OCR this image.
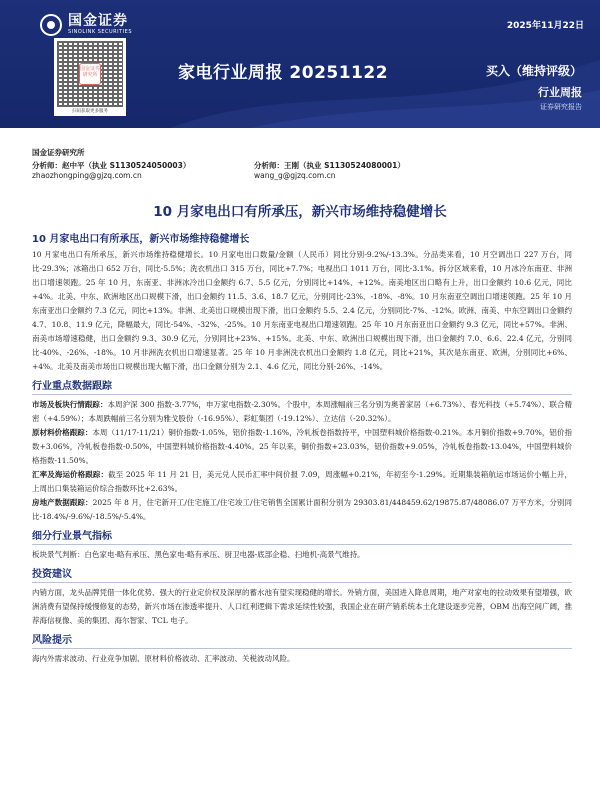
国金证券
SINOLINK SECURITIES
2025年11月22日
国金证券研究所
扫码获取更多服务
家电行业周报 20251122	买入（维持评级）
行业周报
证券研究报告
国金证券研究所
分析师：赵中平（执业 S1130524050003）	分析师：王刚（执业 S1130524080001）
zhaozhongping@gjzq.com.cn	wang_g@gjzq.com.cn
10 月家电出口有所承压，新兴市场维持稳健增长
10 月家电出口有所承压，新兴市场维持稳健增长
10 月家电出口有所承压，新兴市场维持稳健增长。10 月家电出口数量/金额（人民币）同比分别-9.2%/-13.3%。分品类来看，10 月空调出口 227 万台，同比-29.3%；冰箱出口 652 万台，同比-5.5%；洗衣机出口 315 万台，同比+7.7%；电视出口 1011 万台，同比-3.1%。拆分区域来看，10 月冰冷东南亚、非洲出口增速领跑。25 年 10 月，东南亚、非洲冰冷出口金额约 6.7、5.5 亿元，分别同比+14%、+12%。南美地区出口略有上升，出口金额约 10.6 亿元，同比+4%。北美、中东、欧洲地区出口规模下滑，出口金额约 11.5、3.6、18.7 亿元，分别同比-23%、-18%、-8%。10 月东南亚空调出口增速领跑。25 年 10 月东南亚出口金额约 7.3 亿元，同比+13%。非洲、北美出口规模出现下滑，出口金额约 5.5、2.4 亿元，分别同比-7%、-12%。欧洲、南美、中东空调出口金额约 4.7、10.8、11.9 亿元，降幅最大，同比-54%、-32%、-25%。10 月东南亚电视出口增速领跑。25 年 10 月东南亚出口金额约 9.3 亿元，同比+57%。非洲、南美市场增速稳健，出口金额约 9.3、30.9 亿元，分别同比+23%、+15%。北美、中东、欧洲出口规模出现下滑，出口金额约 7.0、6.6、22.4 亿元，分别同比-40%、-26%、-18%。10 月非洲洗衣机出口增速显著。25 年 10 月非洲洗衣机出口金额约 1.8 亿元，同比+21%，其次是东南亚、欧洲，分别同比+6%、+4%。北美及南美市场出口规模出现大幅下滑，出口金额分别为 2.1、4.6 亿元，同比分别-26%、-14%。
行业重点数据跟踪
市场及板块行情跟踪：本周沪深 300 指数-3.77%，申万家电指数-2.30%。个股中，本周涨幅前三名分别为奥普家居（+6.73%）、春光科技（+5.74%）、联合精密（+4.59%）；本周跌幅前三名分别为雅戈股份（-16.95%）、彩虹集团（-19.12%）、立达信（-20.32%）。
原材料价格跟踪：本周（11/17-11/21）铜价指数-1.05%，铝价指数-1.16%，冷轧板卷指数持平，中国塑料城价格指数-0.21%。本月铜价指数+9.70%，铝价指数+3.06%，冷轧板卷指数-0.50%，中国塑料城价格指数-4.40%。25 年以来，铜价指数+23.03%，铝价指数+9.05%，冷轧板卷指数-13.04%，中国塑料城价格指数-11.50%。
汇率及海运价格跟踪：截至 2025 年 11 月 21 日，美元兑人民币汇率中间价报 7.09，周涨幅+0.21%，年初至今-1.29%。近期集装箱航运市场运价小幅上升，上周出口集装箱运价综合指数环比+2.63%。
房地产数据跟踪：2025 年 8 月，住宅新开工/住宅施工/住宅竣工/住宅销售全国累计面积分别为 29303.81/448459.62/19875.87/48086.07 万平方米，分别同比-18.4%/-9.6%/-18.5%/-5.4%。
细分行业景气指标
板块景气判断：白色家电-略有承压、黑色家电-略有承压、厨卫电器-底部企稳、扫地机-高景气维持。
投资建议
内销方面，龙头品牌凭借一体化优势、强大的行业定价权及深厚的蓄水池有望实现稳健的增长。外销方面，美国进入降息周期，地产对家电的拉动效果有望增强，欧洲消费有望保持缓慢修复的态势，新兴市场在渗透率提升、人口红利逻辑下需求延续性较强，我国企业在研产销系统本土化建设逐步完善，OBM 出海空间广阔，推荐海信视像、美的集团、海尔智家、TCL 电子。
风险提示
海内外需求波动、行业竞争加剧、原材料价格波动、汇率波动、关税波动风险。
